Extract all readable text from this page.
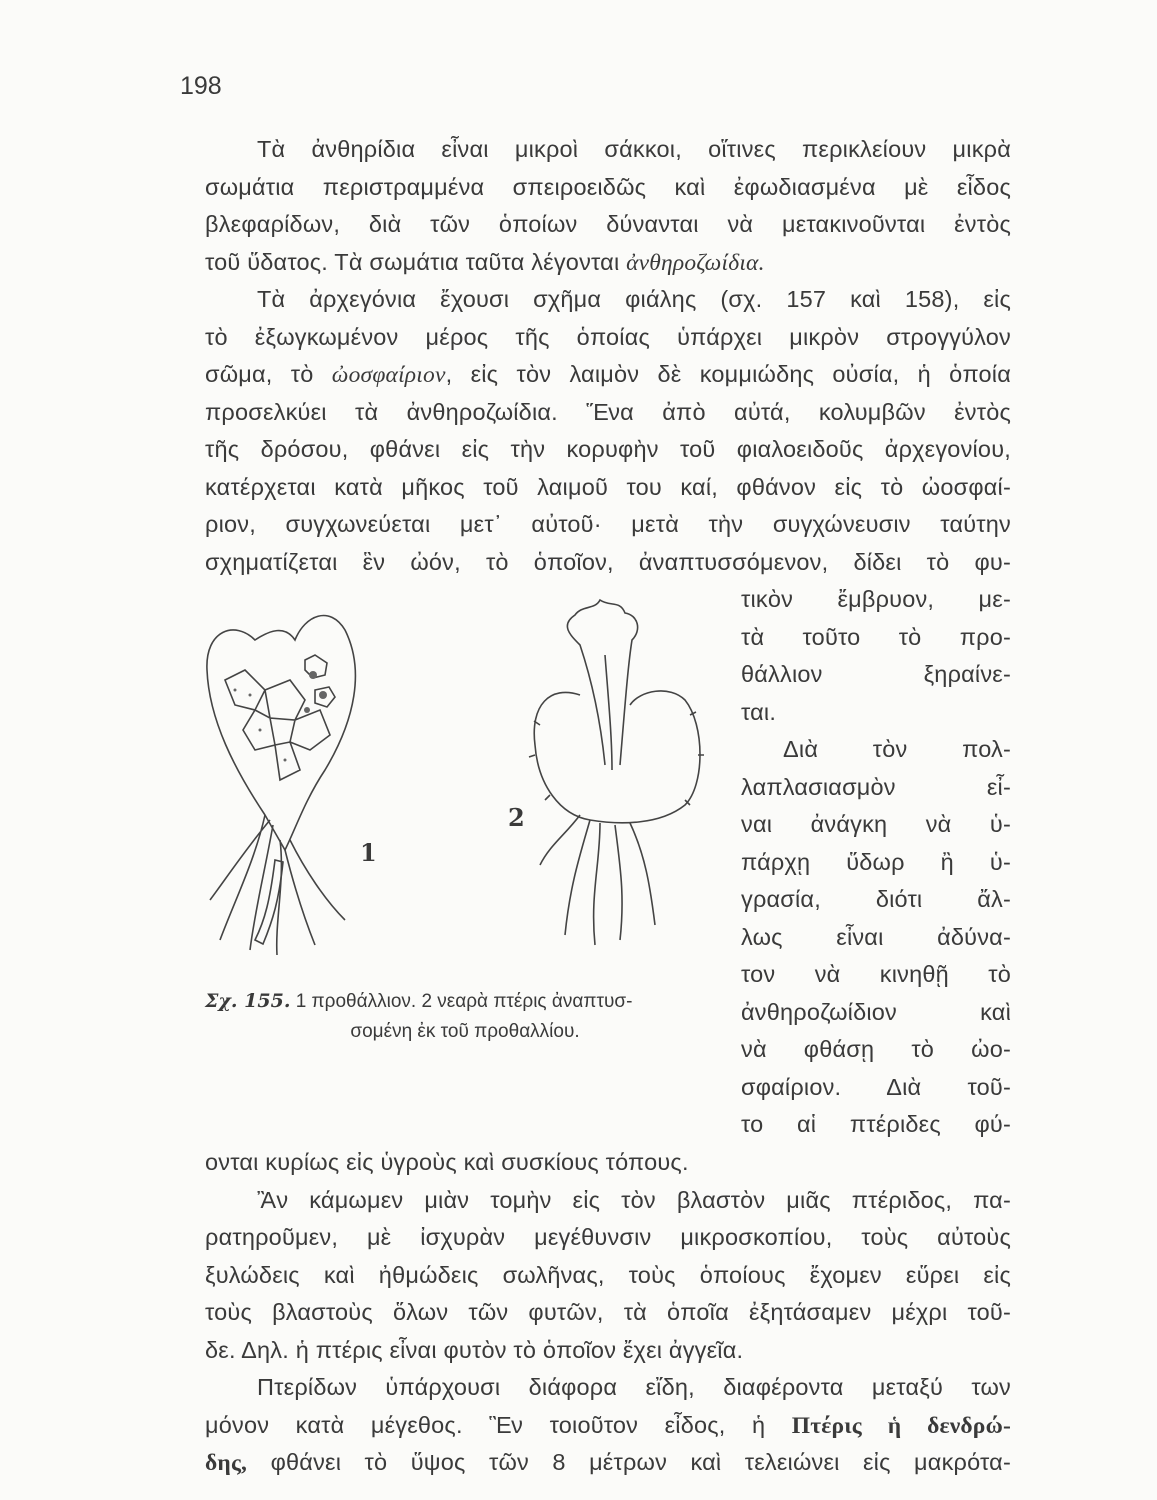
198
Τὰ ἀνθηρίδια εἶναι μικροὶ σάκκοι, οἵτινες περικλείουν μικρὰ
σωμάτια περιστραμμένα σπειροειδῶς καὶ ἐφωδιασμένα μὲ εἶδος
βλεφαρίδων, διὰ τῶν ὁποίων δύνανται νὰ μετακινοῦνται ἐντὸς
τοῦ ὕδατος. Τὰ σωμάτια ταῦτα λέγονται ἀνθηροζωίδια.
Τὰ ἀρχεγόνια ἔχουσι σχῆμα φιάλης (σχ. 157 καὶ 158), εἰς
τὸ ἐξωγκωμένον μέρος τῆς ὁποίας ὑπάρχει μικρὸν στρογγύλον
σῶμα, τὸ ὠοσφαίριον, εἰς τὸν λαιμὸν δὲ κομμιώδης οὐσία, ἡ ὁποία
προσελκύει τὰ ἀνθηροζωίδια. Ἕνα ἀπὸ αὐτά, κολυμβῶν ἐντὸς
τῆς δρόσου, φθάνει εἰς τὴν κορυφὴν τοῦ φιαλοειδοῦς ἀρχεγονίου,
κατέρχεται κατὰ μῆκος τοῦ λαιμοῦ του καί, φθάνον εἰς τὸ ὠοσφαί-
ριον, συγχωνεύεται μετ᾽ αὐτοῦ· μετὰ τὴν συγχώνευσιν ταύτην
σχηματίζεται ἓν ὠόν, τὸ ὁποῖον, ἀναπτυσσόμενον, δίδει τὸ φυ-
τικὸν ἔμβρυον, με-
τὰ τοῦτο τὸ προ-
θάλλιον ξηραίνε-
ται.
Διὰ τὸν πολ-
λαπλασιασμὸν εἶ-
ναι ἀνάγκη νὰ ὑ-
πάρχῃ ὕδωρ ἢ ὑ-
γρασία, διότι ἄλ-
λως εἶναι ἀδύνα-
τον νὰ κινηθῇ τὸ
ἀνθηροζωίδιον καὶ
νὰ φθάσῃ τὸ ὠο-
σφαίριον. Διὰ τοῦ-
το αἱ πτέριδες φύ-
ονται κυρίως εἰς ὑγροὺς καὶ συσκίους τόπους.
Ἂν κάμωμεν μιὰν τομὴν εἰς τὸν βλαστὸν μιᾶς πτέριδος, πα-
ρατηροῦμεν, μὲ ἰσχυρὰν μεγέθυνσιν μικροσκοπίου, τοὺς αὐτοὺς
ξυλώδεις καὶ ἠθμώδεις σωλῆνας, τοὺς ὁποίους ἔχομεν εὕρει εἰς
τοὺς βλαστοὺς ὅλων τῶν φυτῶν, τὰ ὁποῖα ἐξητάσαμεν μέχρι τοῦ-
δε. Δηλ. ἡ πτέρις εἶναι φυτὸν τὸ ὁποῖον ἔχει ἀγγεῖα.
Πτερίδων ὑπάρχουσι διάφορα εἴδη, διαφέροντα μεταξύ των
μόνον κατὰ μέγεθος. Ἓν τοιοῦτον εἶδος, ἡ Πτέρις ἡ δενδρώ-
δης, φθάνει τὸ ὕψος τῶν 8 μέτρων καὶ τελειώνει εἰς μακρότα-
1
2
Σχ. 155. 1 προθάλλιον. 2 νεαρὰ πτέρις ἀναπτυσ-
σομένη ἐκ τοῦ προθαλλίου.
